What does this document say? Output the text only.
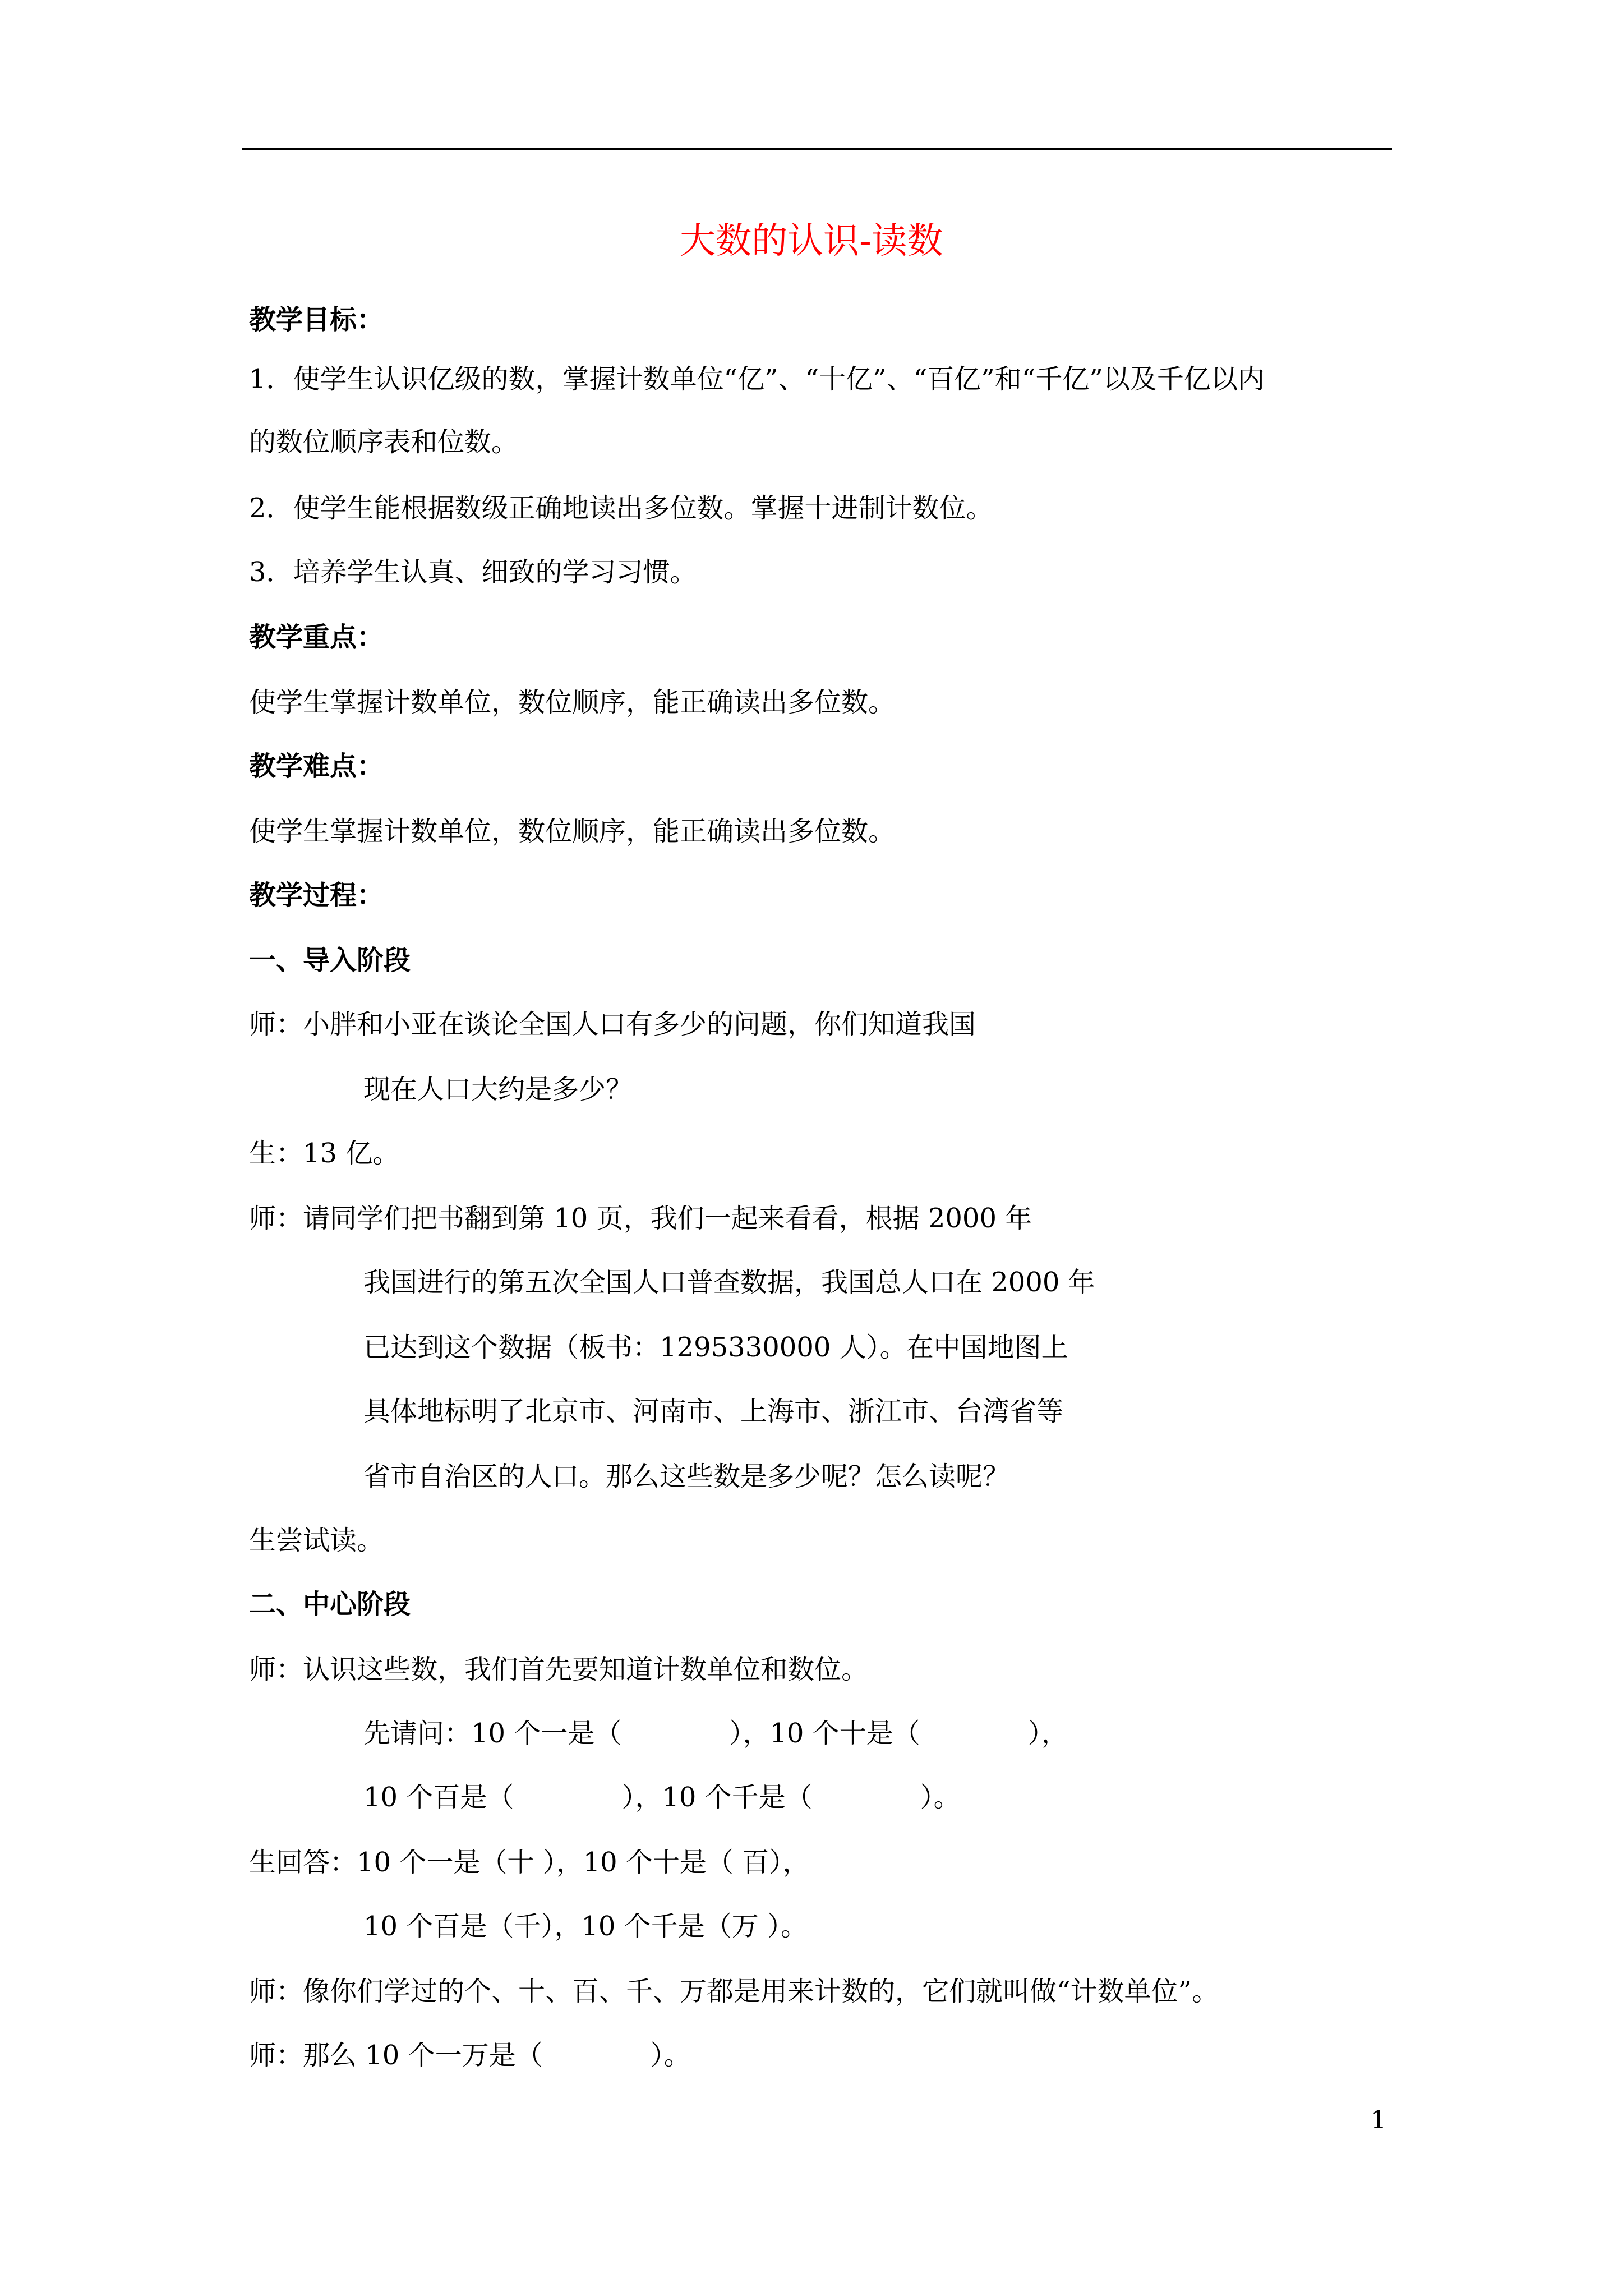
大数的认识-读数
教学目标：
1．使学生认识亿级的数，掌握计数单位“亿”、“十亿”、“百亿”和“千亿”以及千亿以内
的数位顺序表和位数。
2．使学生能根据数级正确地读出多位数。掌握十进制计数位。
3．培养学生认真、细致的学习习惯。
教学重点：
使学生掌握计数单位，数位顺序，能正确读出多位数。
教学难点：
使学生掌握计数单位，数位顺序，能正确读出多位数。
教学过程：
一、导入阶段
师：小胖和小亚在谈论全国人口有多少的问题，你们知道我国
现在人口大约是多少？
生：13 亿。
师：请同学们把书翻到第 10 页，我们一起来看看，根据 2000 年
我国进行的第五次全国人口普查数据，我国总人口在 2000 年
已达到这个数据（板书：1295330000 人）。在中国地图上
具体地标明了北京市、河南市、上海市、浙江市、台湾省等
省市自治区的人口。那么这些数是多少呢？怎么读呢？
生尝试读。
二、中心阶段
师：认识这些数，我们首先要知道计数单位和数位。
先请问：10 个一是（　　　　），10 个十是（　　　　），
10 个百是（　　　　），10 个千是（　　　　）。
生回答：10 个一是（十 ），10 个十是（ 百），
10 个百是（千），10 个千是（万 ）。
师：像你们学过的个、十、百、千、万都是用来计数的，它们就叫做“计数单位”。
师：那么 10 个一万是（　　　　）。
1
